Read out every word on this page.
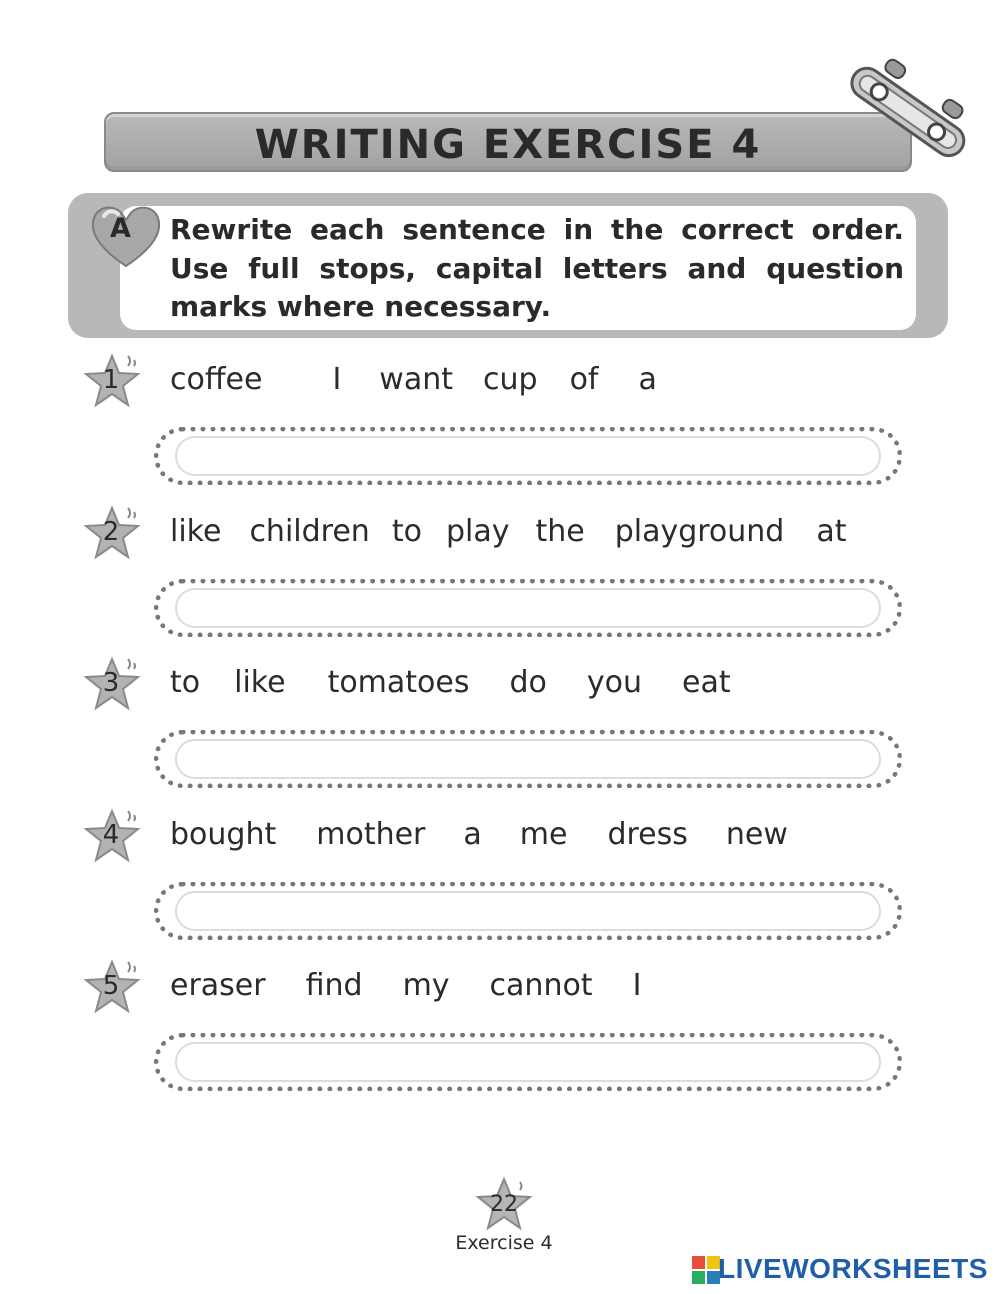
WRITING EXERCISE 4
A Rewrite each sentence in the correct order. Use full stops, capital letters and question marks where necessary.
1	coffee I want cup of a
2	like children to play the playground at
3	to like tomatoes do you eat
4	bought mother a me dress new
5	eraser find my cannot I
22
Exercise 4
LIVEWORKSHEETS
